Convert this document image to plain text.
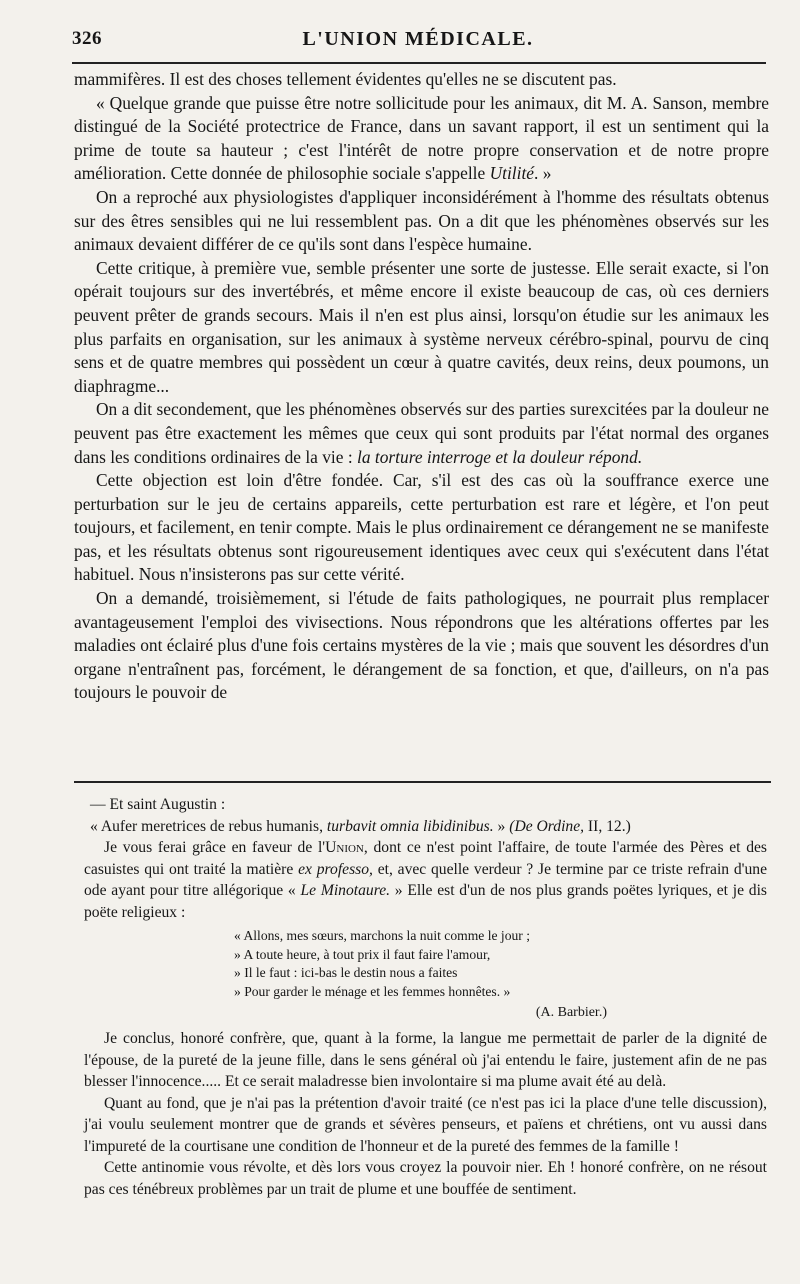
326	L'UNION MÉDICALE.

mammifères. Il est des choses tellement évidentes qu'elles ne se discutent pas.

« Quelque grande que puisse être notre sollicitude pour les animaux, dit M. A. Sanson, membre distingué de la Société protectrice de France, dans un savant rapport, il est un sentiment qui la prime de toute sa hauteur ; c'est l'intérêt de notre propre conservation et de notre propre amélioration. Cette donnée de philosophie sociale s'appelle Utilité. »

On a reproché aux physiologistes d'appliquer inconsidérément à l'homme des résultats obtenus sur des êtres sensibles qui ne lui ressemblent pas. On a dit que les phénomènes observés sur les animaux devaient différer de ce qu'ils sont dans l'espèce humaine.

Cette critique, à première vue, semble présenter une sorte de justesse. Elle serait exacte, si l'on opérait toujours sur des invertébrés, et même encore il existe beaucoup de cas, où ces derniers peuvent prêter de grands secours. Mais il n'en est plus ainsi, lorsqu'on étudie sur les animaux les plus parfaits en organisation, sur les animaux à système nerveux cérébro-spinal, pourvu de cinq sens et de quatre membres qui possèdent un cœur à quatre cavités, deux reins, deux poumons, un diaphragme...

On a dit secondement, que les phénomènes observés sur des parties surexcitées par la douleur ne peuvent pas être exactement les mêmes que ceux qui sont produits par l'état normal des organes dans les conditions ordinaires de la vie : la torture interroge et la douleur répond.

Cette objection est loin d'être fondée. Car, s'il est des cas où la souffrance exerce une perturbation sur le jeu de certains appareils, cette perturbation est rare et légère, et l'on peut toujours, et facilement, en tenir compte. Mais le plus ordinairement ce dérangement ne se manifeste pas, et les résultats obtenus sont rigoureusement identiques avec ceux qui s'exécutent dans l'état habituel. Nous n'insisterons pas sur cette vérité.

On a demandé, troisièmement, si l'étude de faits pathologiques, ne pourrait plus remplacer avantageusement l'emploi des vivisections. Nous répondrons que les altérations offertes par les maladies ont éclairé plus d'une fois certains mystères de la vie ; mais que souvent les désordres d'un organe n'entraînent pas, forcément, le dérangement de sa fonction, et que, d'ailleurs, on n'a pas toujours le pouvoir de

— Et saint Augustin :

« Aufer meretrices de rebus humanis, turbavit omnia libidinibus. » (De Ordine, II, 12.)

Je vous ferai grâce en faveur de l'Union, dont ce n'est point l'affaire, de toute l'armée des Pères et des casuistes qui ont traité la matière ex professo, et, avec quelle verdeur ? Je termine par ce triste refrain d'une ode ayant pour titre allégorique « Le Minotaure. » Elle est d'un de nos plus grands poëtes lyriques, et je dis poëte religieux :

« Allons, mes sœurs, marchons la nuit comme le jour ;
» A toute heure, à tout prix il faut faire l'amour,
» Il le faut : ici-bas le destin nous a faites
» Pour garder le ménage et les femmes honnêtes. »
(A. Barbier.)

Je conclus, honoré confrère, que, quant à la forme, la langue me permettait de parler de la dignité de l'épouse, de la pureté de la jeune fille, dans le sens général où j'ai entendu le faire, justement afin de ne pas blesser l'innocence..... Et ce serait maladresse bien involontaire si ma plume avait été au delà.

Quant au fond, que je n'ai pas la prétention d'avoir traité (ce n'est pas ici la place d'une telle discussion), j'ai voulu seulement montrer que de grands et sévères penseurs, et païens et chrétiens, ont vu aussi dans l'impureté de la courtisane une condition de l'honneur et de la pureté des femmes de la famille !

Cette antinomie vous révolte, et dès lors vous croyez la pouvoir nier. Eh ! honoré confrère, on ne résout pas ces ténébreux problèmes par un trait de plume et une bouffée de sentiment.
